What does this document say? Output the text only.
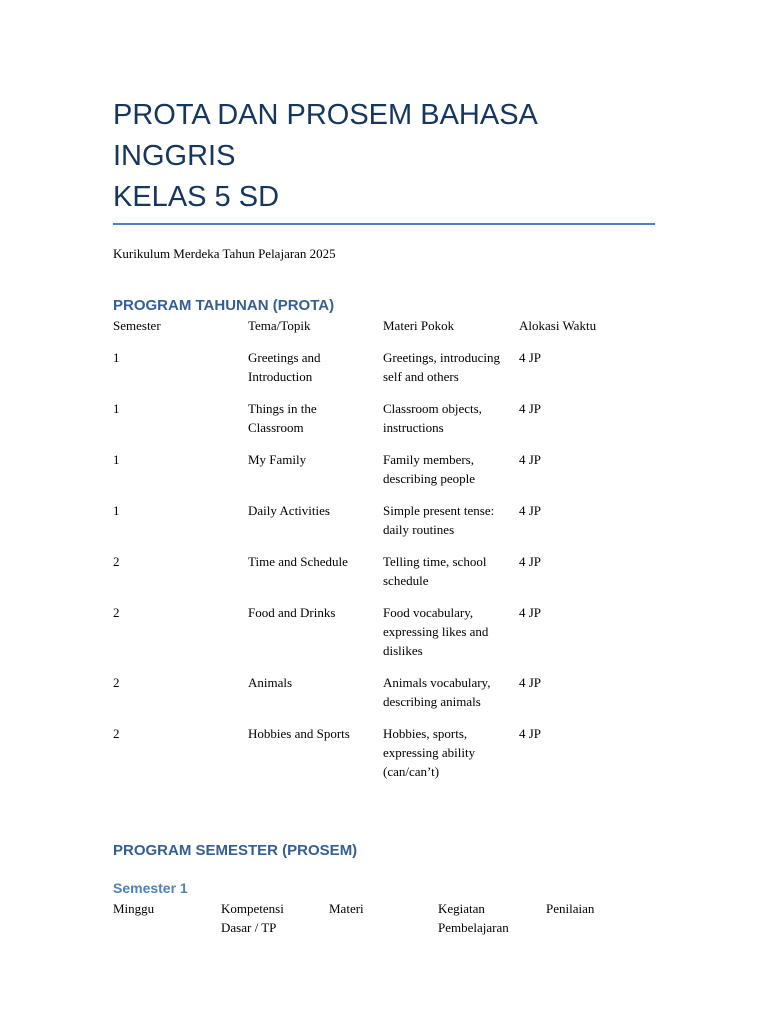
PROTA DAN PROSEM BAHASA INGGRIS
KELAS 5 SD
Kurikulum Merdeka Tahun Pelajaran 2025
PROGRAM TAHUNAN (PROTA)
Semester	Tema/Topik	Materi Pokok	Alokasi Waktu
1	Greetings and Introduction	Greetings, introducing self and others	4 JP
1	Things in the Classroom	Classroom objects, instructions	4 JP
1	My Family	Family members, describing people	4 JP
1	Daily Activities	Simple present tense: daily routines	4 JP
2	Time and Schedule	Telling time, school schedule	4 JP
2	Food and Drinks	Food vocabulary, expressing likes and dislikes	4 JP
2	Animals	Animals vocabulary, describing animals	4 JP
2	Hobbies and Sports	Hobbies, sports, expressing ability (can/can’t)	4 JP
PROGRAM SEMESTER (PROSEM)
Semester 1
Minggu	Kompetensi Dasar / TP	Materi	Kegiatan Pembelajaran	Penilaian
